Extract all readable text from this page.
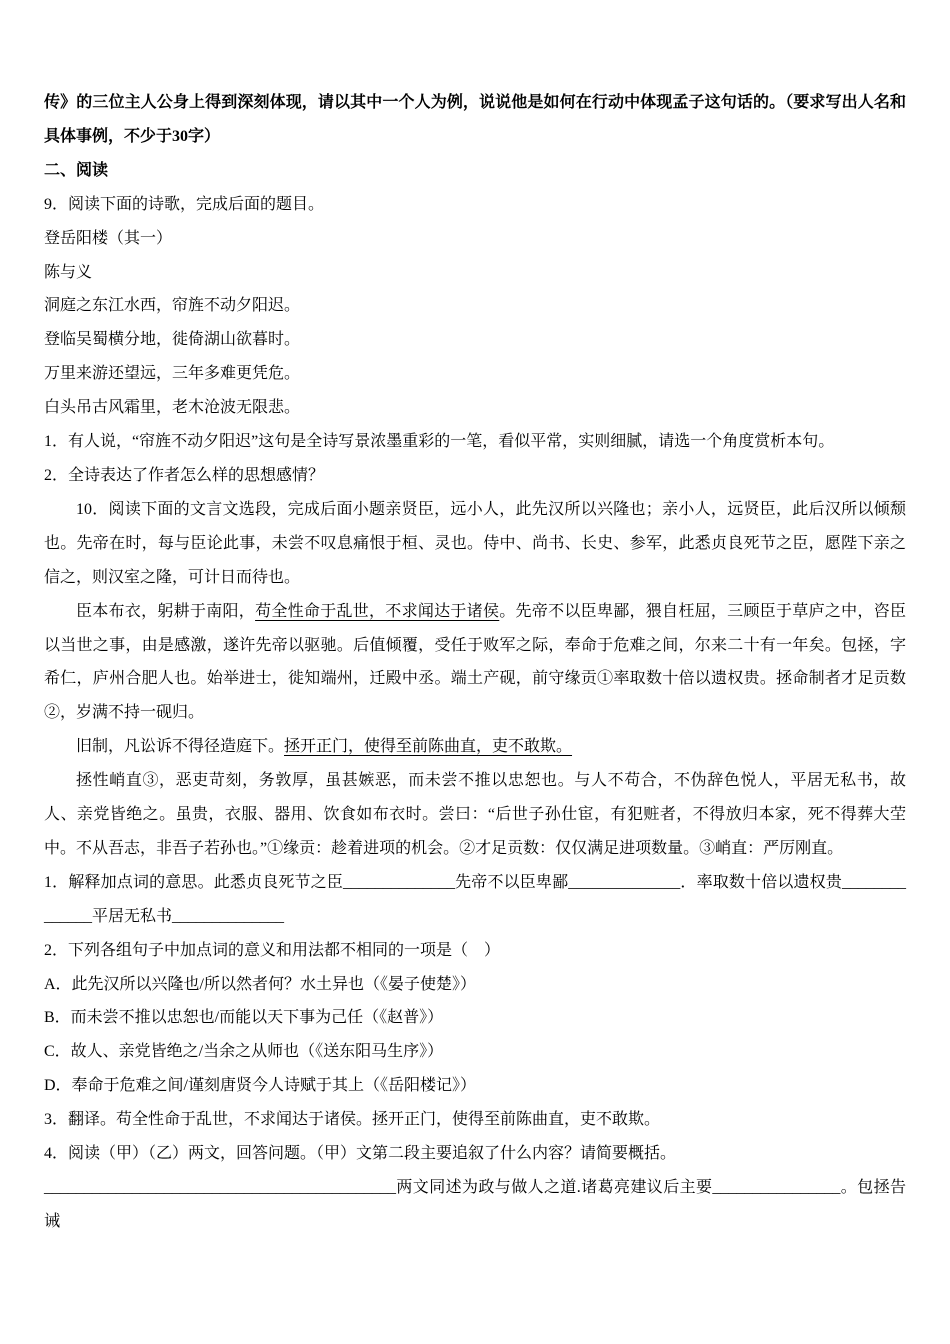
传》的三位主人公身上得到深刻体现，请以其中一个人为例，说说他是如何在行动中体现孟子这句话的。（要求写出人名和具体事例，不少于30字）

二、阅读

9．阅读下面的诗歌，完成后面的题目。

登岳阳楼（其一）

陈与义

洞庭之东江水西，帘旌不动夕阳迟。

登临吴蜀横分地，徙倚湖山欲暮时。

万里来游还望远，三年多难更凭危。

白头吊古风霜里，老木沧波无限悲。

1．有人说，“帘旌不动夕阳迟”这句是全诗写景浓墨重彩的一笔，看似平常，实则细腻，请选一个角度赏析本句。

2．全诗表达了作者怎么样的思想感情？

10．阅读下面的文言文选段，完成后面小题亲贤臣，远小人，此先汉所以兴隆也；亲小人，远贤臣，此后汉所以倾颓也。先帝在时，每与臣论此事，未尝不叹息痛恨于桓、灵也。侍中、尚书、长史、参军，此悉贞良死节之臣，愿陛下亲之信之，则汉室之隆，可计日而待也。

臣本布衣，躬耕于南阳，苟全性命于乱世，不求闻达于诸侯。先帝不以臣卑鄙，猥自枉屈，三顾臣于草庐之中，咨臣以当世之事，由是感激，遂许先帝以驱驰。后值倾覆，受任于败军之际，奉命于危难之间，尔来二十有一年矣。包拯，字希仁，庐州合肥人也。始举进士，徙知端州，迁殿中丞。端土产砚，前守缘贡①率取数十倍以遗权贵。拯命制者才足贡数②，岁满不持一砚归。

旧制，凡讼诉不得径造庭下。拯开正门，使得至前陈曲直，吏不敢欺。

拯性峭直③，恶吏苛刻，务敦厚，虽甚嫉恶，而未尝不推以忠恕也。与人不苟合，不伪辞色悦人，平居无私书，故人、亲党皆绝之。虽贵，衣服、器用、饮食如布衣时。尝曰：“后世子孙仕宦，有犯赃者，不得放归本家，死不得葬大茔中。不从吾志，非吾子若孙也。”①缘贡：趁着进项的机会。②才足贡数：仅仅满足进项数量。③峭直：严厉刚直。

1．解释加点词的意思。此悉贞良死节之臣______________先帝不以臣卑鄙______________．率取数十倍以遗权贵______________平居无私书______________

2．下列各组句子中加点词的意义和用法都不相同的一项是（　）

A．此先汉所以兴隆也/所以然者何？水土异也（《晏子使楚》）

B．而未尝不推以忠恕也/而能以天下事为己任（《赵普》）

C．故人、亲党皆绝之/当余之从师也（《送东阳马生序》）

D．奉命于危难之间/谨刻唐贤今人诗赋于其上（《岳阳楼记》）

3．翻译。苟全性命于乱世，不求闻达于诸侯。拯开正门，使得至前陈曲直，吏不敢欺。

4．阅读（甲）（乙）两文，回答问题。（甲）文第二段主要追叙了什么内容？请简要概括。

____________________________________________两文同述为政与做人之道.诸葛亮建议后主要________________。包拯告诫
